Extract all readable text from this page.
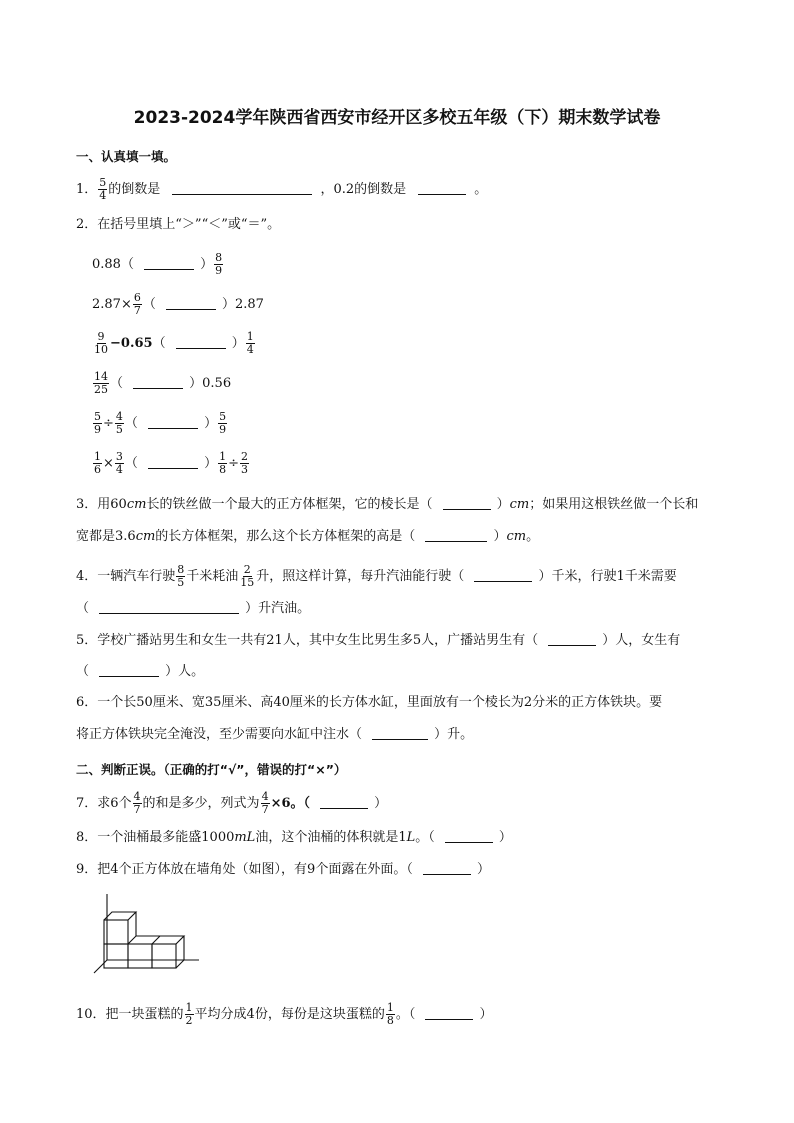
2023-2024学年陕西省西安市经开区多校五年级（下）期末数学试卷
一、认真填一填。
1． $\frac{5}{4}$ 的倒数是	，0.2的倒数是	。
2．在括号里填上“＞”“＜”或“＝”。
0.88（	） $\frac{8}{9}$
$2.87\times \frac{6}{7}$ （	）2.87
$\frac{9}{10} -0.65$（	） $\frac{1}{4}$
$\frac{14}{25}$ （	）0.56
$\frac{5}{9} \div \frac{4}{5}$ （	） $\frac{5}{9}$
$\frac{1}{6} \times \frac{3}{4}$ （	） $\frac{1}{8} \div \frac{2}{3}$
3．用60cm长的铁丝做一个最大的正方体框架，它的棱长是（	）cm；如果用这根铁丝做一个长和
宽都是3.6cm的长方体框架，那么这个长方体框架的高是（	）cm。
4．一辆汽车行驶 $\frac{8}{5}$ 千米耗油 $\frac{2}{15}$ 升，照这样计算，每升汽油能行驶（	）千米，行驶1千米需要
（	）升汽油。
5．学校广播站男生和女生一共有21人，其中女生比男生多5人，广播站男生有（	）人，女生有
（	）人。
6．一个长50厘米、宽35厘米、高40厘米的长方体水缸，里面放有一个棱长为2分米的正方体铁块。要
将正方体铁块完全淹没，至少需要向水缸中注水（	）升。
二、判断正误。（正确的打“√”，错误的打“×”）
7．求6个 $\frac{4}{7}$ 的和是多少，列式为 $\frac{4}{7} \times 6$。（	）
8．一个油桶最多能盛1000mL油，这个油桶的体积就是1L。（	）
9．把4个正方体放在墙角处（如图），有9个面露在外面。（	）
10．把一块蛋糕的 $\frac{1}{2}$ 平均分成4份，每份是这块蛋糕的 $\frac{1}{8}$ 。（	）
